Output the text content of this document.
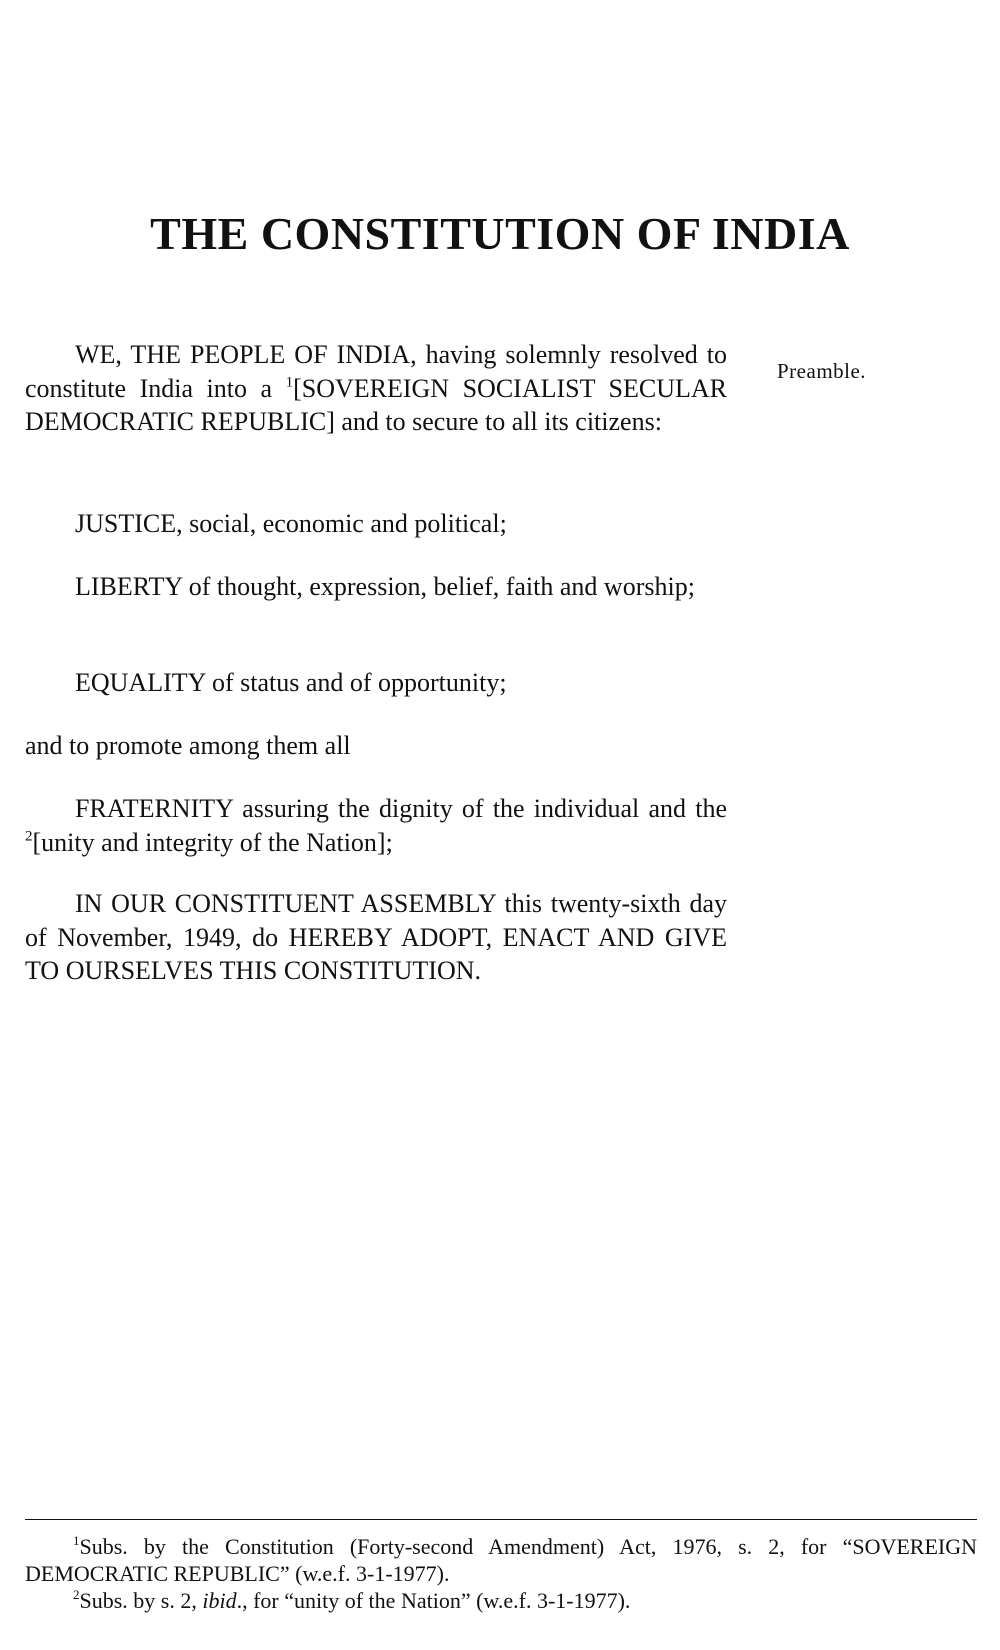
THE CONSTITUTION OF INDIA
Preamble.

WE, THE PEOPLE OF INDIA, having solemnly resolved to constitute India into a $^1$[SOVEREIGN SOCIALIST SECULAR DEMOCRATIC REPUBLIC] and to secure to all its citizens:

JUSTICE, social, economic and political;

LIBERTY of thought, expression, belief, faith and worship;

EQUALITY of status and of opportunity;

and to promote among them all

FRATERNITY assuring the dignity of the individual and the $^2$[unity and integrity of the Nation];

IN OUR CONSTITUENT ASSEMBLY this twenty-sixth day of November, 1949, do HEREBY ADOPT, ENACT AND GIVE TO OURSELVES THIS CONSTITUTION.

$^1$Subs. by the Constitution (Forty-second Amendment) Act, 1976, s. 2, for “SOVEREIGN DEMOCRATIC REPUBLIC” (w.e.f. 3-1-1977).

$^2$Subs. by s. 2, ibid., for “unity of the Nation” (w.e.f. 3-1-1977).
